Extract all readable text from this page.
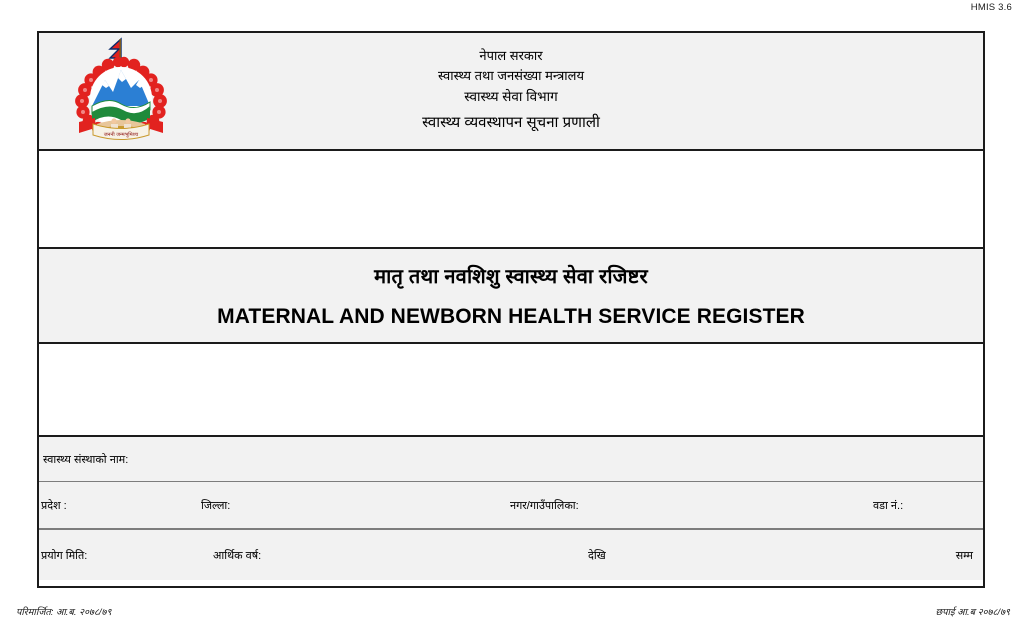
HMIS 3.6
जननी जन्मभूमिश्च
नेपाल सरकार
स्वास्थ्य तथा जनसंख्या मन्त्रालय
स्वास्थ्य सेवा विभाग
स्वास्थ्य व्यवस्थापन सूचना प्रणाली
मातृ तथा नवशिशु स्वास्थ्य सेवा रजिष्टर
MATERNAL AND NEWBORN HEALTH SERVICE REGISTER
स्वास्थ्य संस्थाको नाम:
प्रदेश :	जिल्ला:	नगर/गाउँपालिका:	वडा नं.:
प्रयोग मिति:	आर्थिक वर्ष:	देखि	सम्म
परिमार्जित: आ.ब. २०७८/७९	छपाई आ.ब २०७८/७९
